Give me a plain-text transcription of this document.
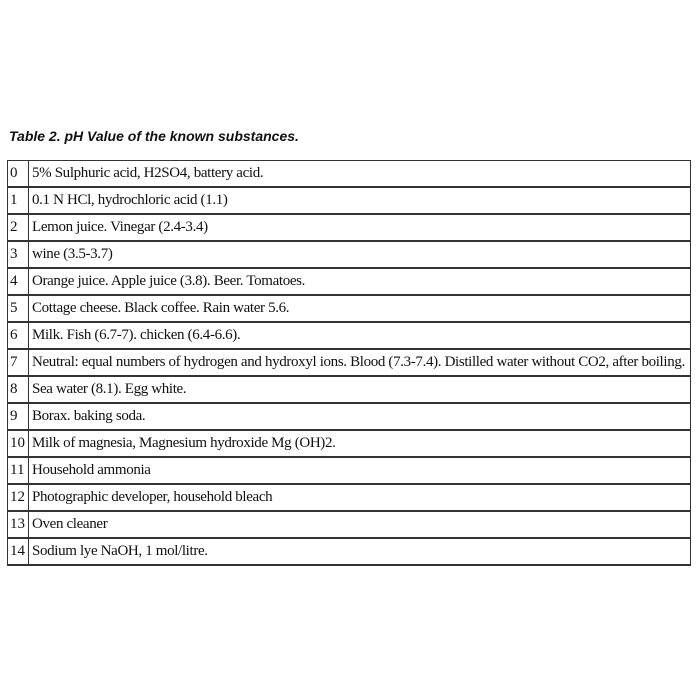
Table 2. pH Value of the known substances.
0	5% Sulphuric acid, H2SO4, battery acid.
1	0.1 N HCl, hydrochloric acid (1.1)
2	Lemon juice. Vinegar (2.4-3.4)
3	wine (3.5-3.7)
4	Orange juice. Apple juice (3.8). Beer. Tomatoes.
5	Cottage cheese. Black coffee. Rain water 5.6.
6	Milk. Fish (6.7-7). chicken (6.4-6.6).
7	Neutral: equal numbers of hydrogen and hydroxyl ions. Blood (7.3-7.4). Distilled water without CO2, after boiling.
8	Sea water (8.1). Egg white.
9	Borax. baking soda.
10	Milk of magnesia, Magnesium hydroxide Mg (OH)2.
11	Household ammonia
12	Photographic developer, household bleach
13	Oven cleaner
14	Sodium lye NaOH, 1 mol/litre.
